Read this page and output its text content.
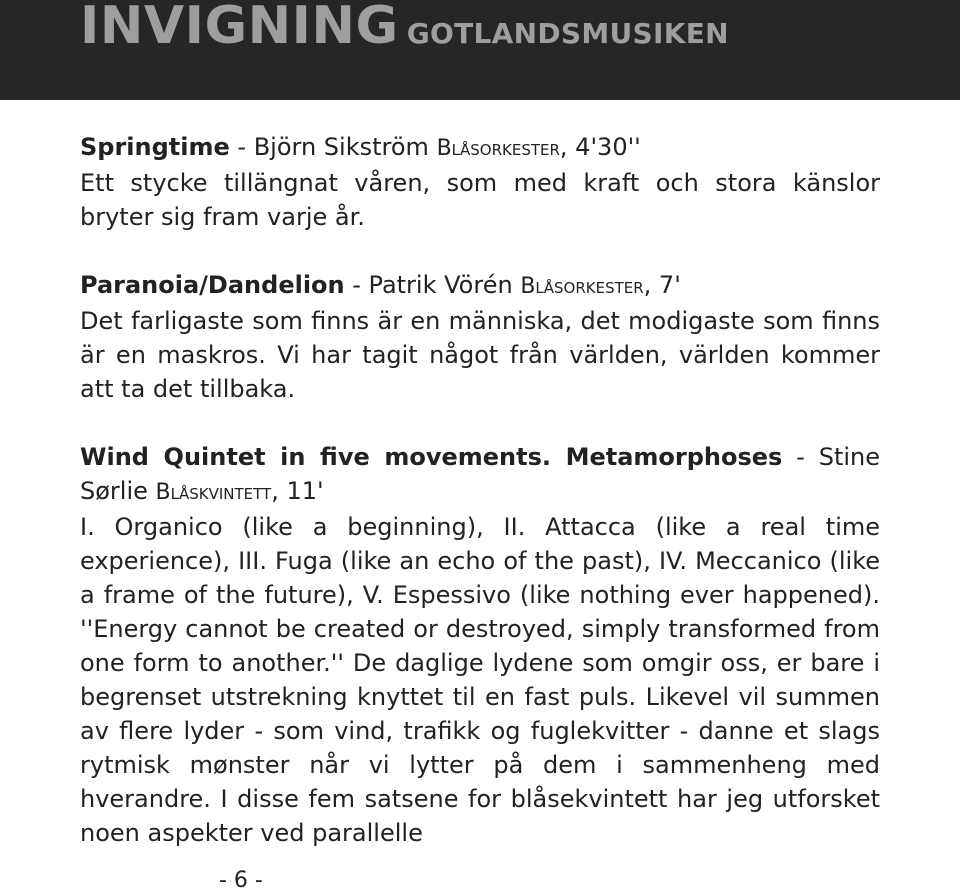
INVIGNING GOTLANDSMUSIKEN

Springtime - Björn Sikström Blåsorkester, 4'30''

Ett stycke tillängnat våren, som med kraft och stora känslor bryter sig fram varje år.

Paranoia/Dandelion - Patrik Vörén Blåsorkester, 7'

Det farligaste som finns är en människa, det modigaste som finns är en maskros. Vi har tagit något från världen, världen kommer att ta det tillbaka.

Wind Quintet in five movements. Metamorphoses - Stine Sørlie Blåskvintett, 11'

I. Organico (like a beginning), II. Attacca (like a real time experience), III. Fuga (like an echo of the past), IV. Meccanico (like a frame of the future), V. Espessivo (like nothing ever happened). ''Energy cannot be created or destroyed, simply transformed from one form to another.'' De daglige lydene som omgir oss, er bare i begrenset utstrekning knyttet til en fast puls. Likevel vil summen av flere lyder - som vind, trafikk og fuglekvitter - danne et slags rytmisk mønster når vi lytter på dem i sammenheng med hverandre. I disse fem satsene for blåsekvintett har jeg utforsket noen aspekter ved parallelle

- 6 -
